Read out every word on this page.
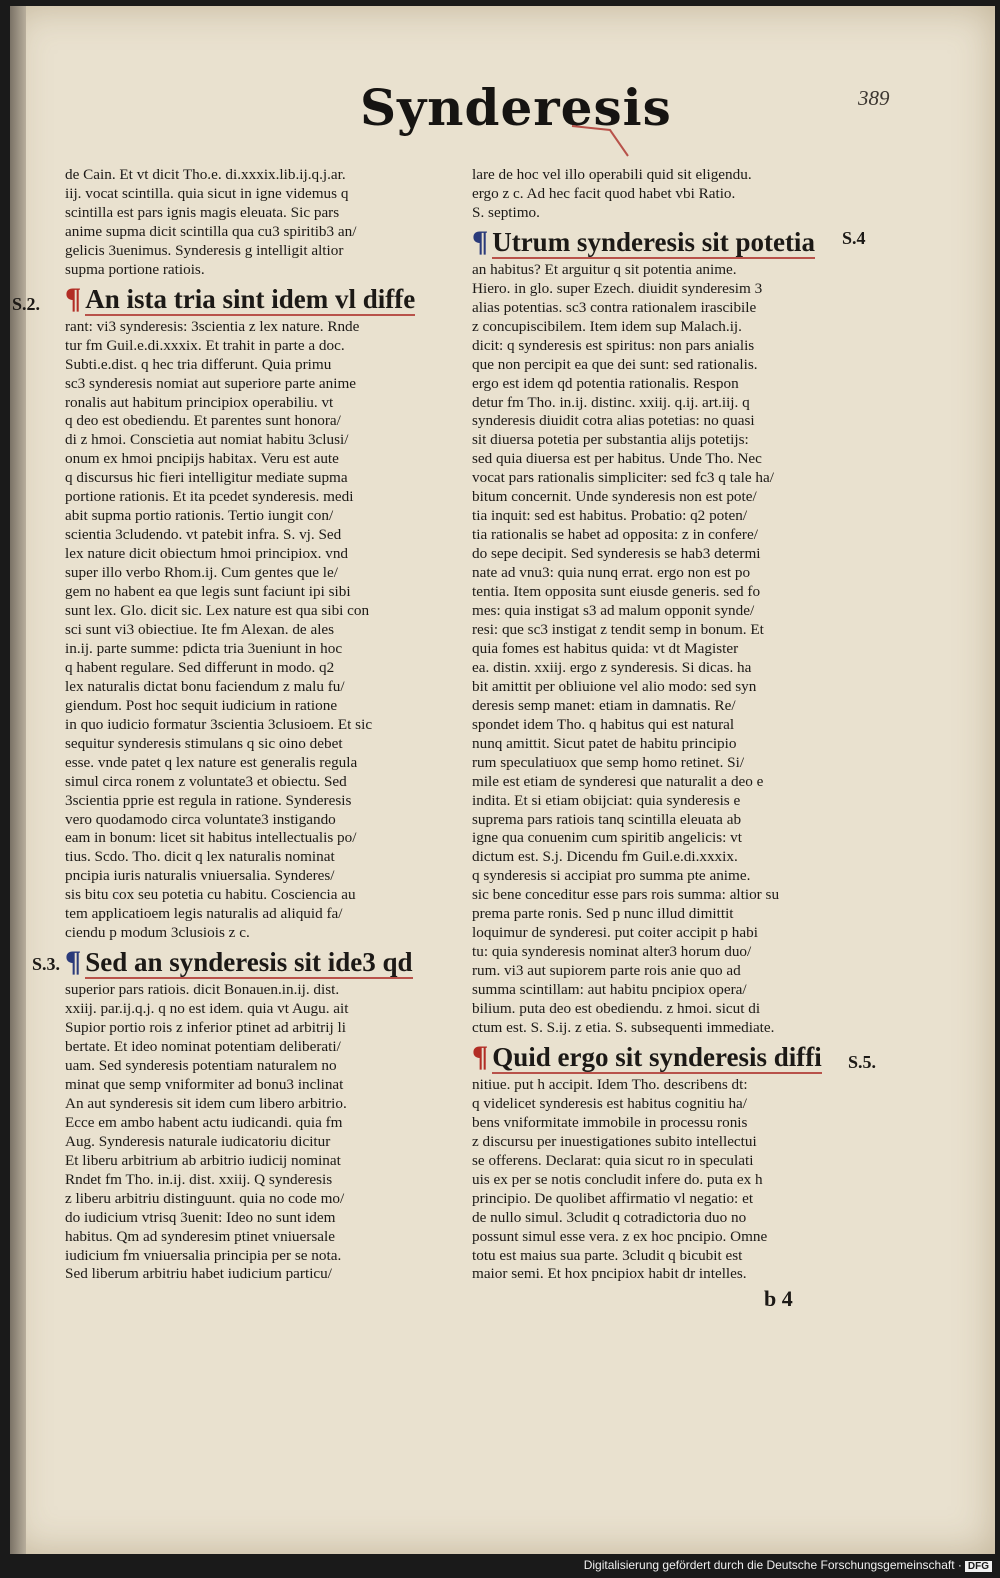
Synderesis	389
de Cain. Et vt dicit Tho.e. di.xxxix.lib.ij.q.j.ar.
iij. vocat scintilla. quia sicut in igne videmus q
scintilla est pars ignis magis eleuata. Sic pars
anime supma dicit scintilla qua cu3 spiritib3 an/
gelicis 3uenimus. Synderesis g intelligit altior
supma portione ratiois.
¶ An ista tria sint idem vl diffe
rant: vi3 synderesis: 3scientia z lex nature. Rnde
tur fm Guil.e.di.xxxix. Et trahit in parte a doc.
Subti.e.dist. q hec tria differunt. Quia primu
sc3 synderesis nomiat aut superiore parte anime
ronalis aut habitum principiox operabiliu. vt
q deo est obediendu. Et parentes sunt honora/
di z hmoi. Conscietia aut nomiat habitu 3clusi/
onum ex hmoi pncipijs habitax. Veru est aute
q discursus hic fieri intelligitur mediate supma
portione rationis. Et ita pcedet synderesis. medi
abit supma portio rationis. Tertio iungit con/
scientia 3cludendo. vt patebit infra. S. vj. Sed
lex nature dicit obiectum hmoi principiox. vnd
super illo verbo Rhom.ij. Cum gentes que le/
gem no habent ea que legis sunt faciunt ipi sibi
sunt lex. Glo. dicit sic. Lex nature est qua sibi con
sci sunt vi3 obiectiue. Ite fm Alexan. de ales
in.ij. parte summe: pdicta tria 3ueniunt in hoc
q habent regulare. Sed differunt in modo. q2
lex naturalis dictat bonu faciendum z malu fu/
giendum. Post hoc sequit iudicium in ratione
in quo iudicio formatur 3scientia 3clusioem. Et sic
sequitur synderesis stimulans q sic oino debet
esse. vnde patet q lex nature est generalis regula
simul circa ronem z voluntate3 et obiectu. Sed
3scientia pprie est regula in ratione. Synderesis
vero quodamodo circa voluntate3 instigando
eam in bonum: licet sit habitus intellectualis po/
tius. Scdo. Tho. dicit q lex naturalis nominat
pncipia iuris naturalis vniuersalia. Synderes/
sis bitu cox seu potetia cu habitu. Cosciencia au
tem applicatioem legis naturalis ad aliquid fa/
ciendu p modum 3clusiois z c.
¶ Sed an synderesis sit ide3 qd
superior pars ratiois. dicit Bonauen.in.ij. dist.
xxiij. par.ij.q.j. q no est idem. quia vt Augu. ait
Supior portio rois z inferior ptinet ad arbitrij li
bertate. Et ideo nominat potentiam deliberati/
uam. Sed synderesis potentiam naturalem no
minat que semp vniformiter ad bonu3 inclinat
An aut synderesis sit idem cum libero arbitrio.
Ecce em ambo habent actu iudicandi. quia fm
Aug. Synderesis naturale iudicatoriu dicitur
Et liberu arbitrium ab arbitrio iudicij nominat
Rndet fm Tho. in.ij. dist. xxiij. Q synderesis
z liberu arbitriu distinguunt. quia no code mo/
do iudicium vtrisq 3uenit: Ideo no sunt idem
habitus. Qm ad synderesim ptinet vniuersale
iudicium fm vniuersalia principia per se nota.
Sed liberum arbitriu habet iudicium particu/
lare de hoc vel illo operabili quid sit eligendu.
ergo z c. Ad hec facit quod habet vbi Ratio.
S. septimo.
¶ Utrum synderesis sit potetia
an habitus? Et arguitur q sit potentia anime.
Hiero. in glo. super Ezech. diuidit synderesim 3
alias potentias. sc3 contra rationalem irascibile
z concupiscibilem. Item idem sup Malach.ij.
dicit: q synderesis est spiritus: non pars anialis
que non percipit ea que dei sunt: sed rationalis.
ergo est idem qd potentia rationalis. Respon
detur fm Tho. in.ij. distinc. xxiij. q.ij. art.iij. q
synderesis diuidit cotra alias potetias: no quasi
sit diuersa potetia per substantia alijs potetijs:
sed quia diuersa est per habitus. Unde Tho. Nec
vocat pars rationalis simpliciter: sed fc3 q tale ha/
bitum concernit. Unde synderesis non est pote/
tia inquit: sed est habitus. Probatio: q2 poten/
tia rationalis se habet ad opposita: z in confere/
do sepe decipit. Sed synderesis se hab3 determi
nate ad vnu3: quia nunq errat. ergo non est po
tentia. Item opposita sunt eiusde generis. sed fo
mes: quia instigat s3 ad malum opponit synde/
resi: que sc3 instigat z tendit semp in bonum. Et
quia fomes est habitus quida: vt dt Magister
ea. distin. xxiij. ergo z synderesis. Si dicas. ha
bit amittit per obliuione vel alio modo: sed syn
deresis semp manet: etiam in damnatis. Re/
spondet idem Tho. q habitus qui est natural
nunq amittit. Sicut patet de habitu principio
rum speculatiuox que semp homo retinet. Si/
mile est etiam de synderesi que naturalit a deo e
indita. Et si etiam obijciat: quia synderesis e
suprema pars ratiois tanq scintilla eleuata ab
igne qua conuenim cum spiritib angelicis: vt
dictum est. S.j. Dicendu fm Guil.e.di.xxxix.
q synderesis si accipiat pro summa pte anime.
sic bene conceditur esse pars rois summa: altior su
prema parte ronis. Sed p nunc illud dimittit
loquimur de synderesi. put coiter accipit p habi
tu: quia synderesis nominat alter3 horum duo/
rum. vi3 aut supiorem parte rois anie quo ad
summa scintillam: aut habitu pncipiox opera/
bilium. puta deo est obediendu. z hmoi. sicut di
ctum est. S. S.ij. z etia. S. subsequenti immediate.
¶ Quid ergo sit synderesis diffi
nitiue. put h accipit. Idem Tho. describens dt:
q videlicet synderesis est habitus cognitiu ha/
bens vniformitate immobile in processu ronis
z discursu per inuestigationes subito intellectui
se offerens. Declarat: quia sicut ro in speculati
uis ex per se notis concludit infere do. puta ex h
principio. De quolibet affirmatio vl negatio: et
de nullo simul. 3cludit q cotradictoria duo no
possunt simul esse vera. z ex hoc pncipio. Omne
totu est maius sua parte. 3cludit q bicubit est
maior semi. Et hox pncipiox habit dr intelles.
S.2.
S.3.
S.4
S.5.
b 4
Digitalisierung gefördert durch die Deutsche Forschungsgemeinschaft · DFG
